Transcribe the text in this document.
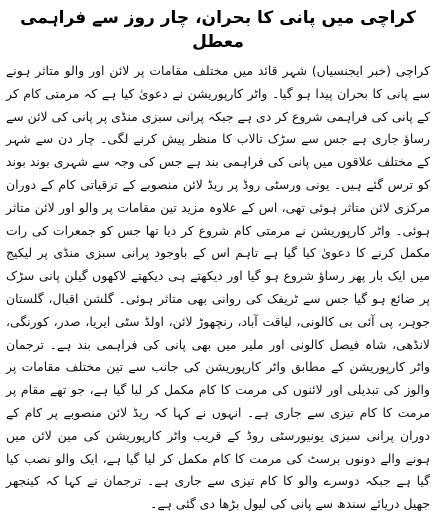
کراچی میں پانی کا بحران، چار روز سے فراہمی معطل

کراچی (خبر ایجنسیاں) شہر قائد میں مختلف مقامات پر لائن اور والو متاثر ہونے سے پانی کا بحران پیدا ہو گیا۔ واٹر کارپوریشن نے دعویٰ کیا ہے کہ مرمتی کام کر کے پانی کی فراہمی شروع کر دی ہے جبکہ پرانی سبزی منڈی پر پانی کی لائن سے رساؤ جاری ہے جس سے سڑک تالاب کا منظر پیش کرنے لگی۔ چار دن سے شہر کے مختلف علاقوں میں پانی کی فراہمی بند ہے جس کی وجہ سے شہری بوند بوند کو ترس گئے ہیں۔ یونی ورسٹی روڈ پر ریڈ لائن منصوبے کے ترقیاتی کام کے دوران مرکزی لائن متاثر ہوئی تھی، اس کے علاوہ مزید تین مقامات پر والو اور لائن متاثر ہوئی۔ واٹر کارپوریشن نے مرمتی کام شروع کر دیا تھا جس کو جمعرات کی رات مکمل کرنے کا دعویٰ کیا گیا ہے تاہم اس کے باوجود پرانی سبزی منڈی پر لیکیج میں ایک بار پھر رساؤ شروع ہو گیا اور دیکھتے ہی دیکھتے لاکھوں گیلن پانی سڑک پر ضائع ہو گیا جس سے ٹریفک کی روانی بھی متاثر ہوئی۔ گلشن اقبال، گلستان جوہر، پی آئی بی کالونی، لیاقت آباد، رنچھوڑ لائن، اولڈ سٹی ایریا، صدر، کورنگی، لانڈھی، شاہ فیصل کالونی اور ملیر میں بھی پانی کی فراہمی بند ہے۔ ترجمان واٹر کارپوریشن کے مطابق واٹر کارپوریشن کی جانب سے تین مختلف مقامات پر والوز کی تبدیلی اور لائنوں کی مرمت کا کام مکمل کر لیا گیا ہے، جو تھے مقام پر مرمت کا کام تیزی سے جاری ہے۔ انہوں نے کہا کہ ریڈ لائن منصوبے پر کام کے دوران پرانی سبزی یونیورسٹی روڈ کے قریب واٹر کارپوریشن کی مین لائن میں ہونے والے دونوں برسٹ کی مرمت کا کام مکمل کر لیا گیا ہے، ایک والو نصب کیا گیا ہے جبکہ دوسرے والو کا کام تیزی سے جاری ہے۔ ترجمان نے کہا کہ کینجھر جھیل دریائے سندھ سے پانی کی لیول بڑھا دی گئی ہے۔
